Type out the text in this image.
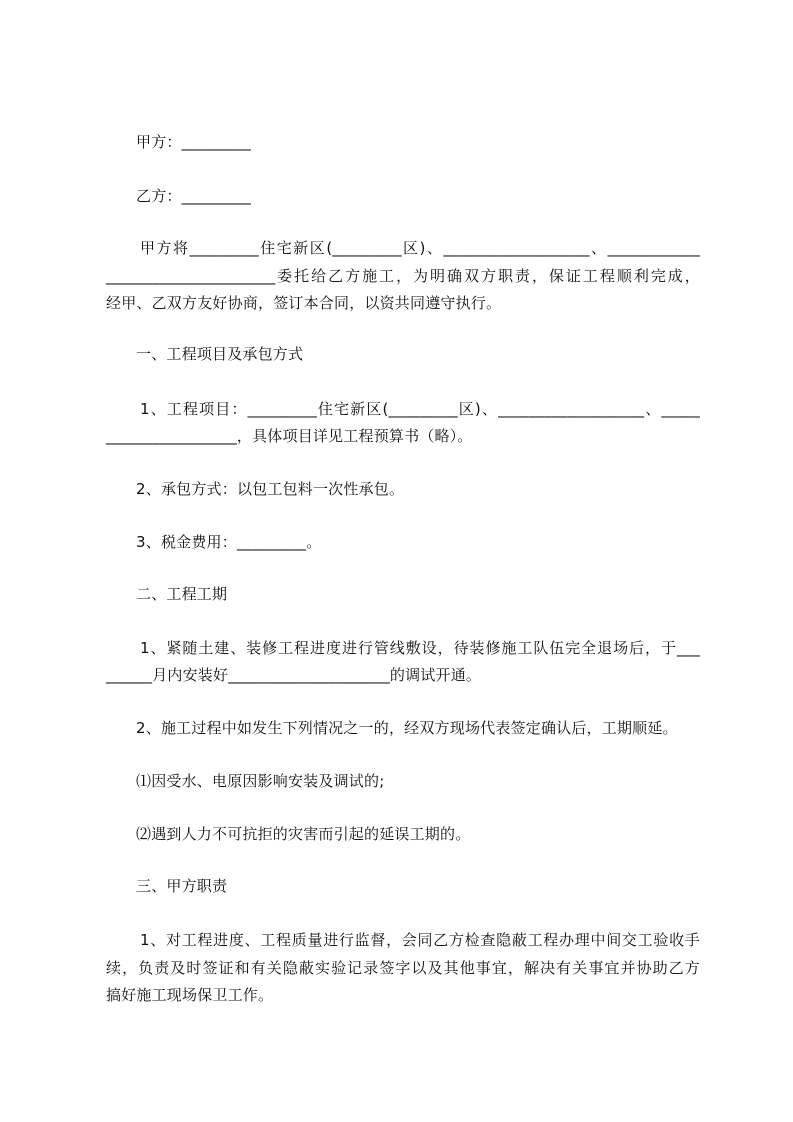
甲方：_________
乙方：_________
甲方将_________住宅新区(_________区)、___________________、____________
______________________委托给乙方施工，为明确双方职责，保证工程顺利完成，
经甲、乙双方友好协商，签订本合同，以资共同遵守执行。
一、工程项目及承包方式
1、工程项目：_________住宅新区(_________区)、___________________、_____
_________________，具体项目详见工程预算书（略）。
2、承包方式：以包工包料一次性承包。
3、税金费用：_________。
二、工程工期
1、紧随土建、装修工程进度进行管线敷设，待装修施工队伍完全退场后，于___
______月内安装好_____________________的调试开通。
2、施工过程中如发生下列情况之一的，经双方现场代表签定确认后，工期顺延。
⑴因受水、电原因影响安装及调试的;
⑵遇到人力不可抗拒的灾害而引起的延误工期的。
三、甲方职责
1、对工程进度、工程质量进行监督，会同乙方检查隐蔽工程办理中间交工验收手
续，负责及时签证和有关隐蔽实验记录签字以及其他事宜，解决有关事宜并协助乙方
搞好施工现场保卫工作。
